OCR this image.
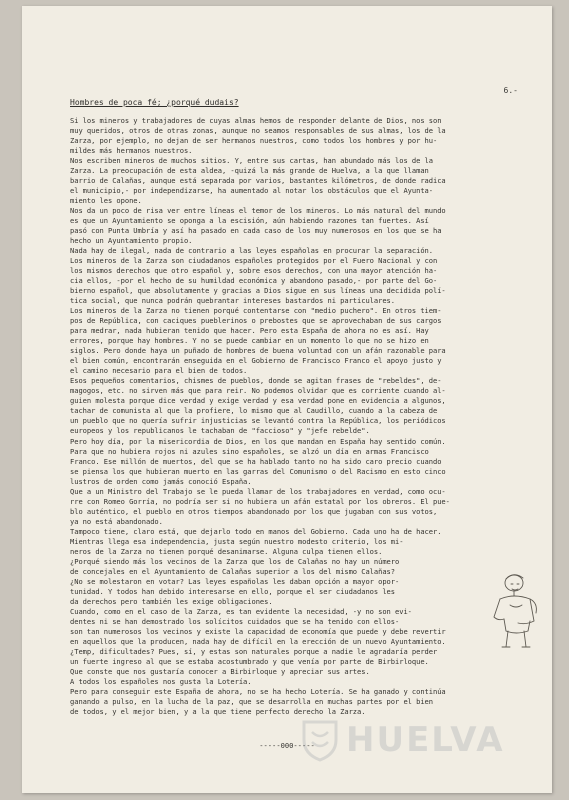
6.-
Hombres de poca fé; ¿porqué dudais?
Si los mineros y trabajadores de cuyas almas hemos de responder delante de Dios, nos son
muy queridos, otros de otras zonas, aunque no seamos responsables de sus almas, los de la
Zarza, por ejemplo, no dejan de ser hermanos nuestros, como todos los hombres y por hu-
mildes más hermanos nuestros.
Nos escriben mineros de muchos sitios. Y, entre sus cartas, han abundado más los de la
Zarza. La preocupación de esta aldea, -quizá la más grande de Huelva, a la que llaman
barrio de Calañas, aunque está separada por varios, bastantes kilómetros, de donde radica
el municipio,- por independizarse, ha aumentado al notar los obstáculos que el Ayunta-
miento les opone.
Nos da un poco de risa ver entre líneas el temor de los mineros. Lo más natural del mundo
es que un Ayuntamiento se oponga a la escisión, aún habiendo razones tan fuertes. Así
pasó con Punta Umbría y así ha pasado en cada caso de los muy numerosos en los que se ha
hecho un Ayuntamiento propio.
Nada hay de ilegal, nada de contrario a las leyes españolas en procurar la separación.
Los mineros de la Zarza son ciudadanos españoles protegidos por el Fuero Nacional y con
los mismos derechos que otro español y, sobre esos derechos, con una mayor atención ha-
cia ellos, -por el hecho de su humildad económica y abandono pasado,- por parte del Go-
bierno español, que absolutamente y gracias a Dios sigue en sus líneas una decidida polí-
tica social, que nunca podrán quebrantar intereses bastardos ni particulares.
Los mineros de la Zarza no tienen porqué contentarse con "medio puchero". En otros tiem-
pos de República, con caciques pueblerinos o prebostes que se aprovechaban de sus cargos
para medrar, nada hubieran tenido que hacer. Pero esta España de ahora no es así. Hay
errores, porque hay hombres. Y no se puede cambiar en un momento lo que no se hizo en
siglos. Pero donde haya un puñado de hombres de buena voluntad con un afán razonable para
el bien común, encontrarán enseguida en el Gobierno de Francisco Franco el apoyo justo y
el camino necesario para el bien de todos.
Esos pequeños comentarios, chismes de pueblos, donde se agitan frases de "rebeldes", de-
magogos, etc. no sirven más que para reir. No podemos olvidar que es corriente cuando al-
guien molesta porque dice verdad y exige verdad y esa verdad pone en evidencia a algunos,
tachar de comunista al que la profiere, lo mismo que al Caudillo, cuando a la cabeza de
un pueblo que no quería sufrir injusticias se levantó contra la República, los periódicos
europeos y los republicanos le tachaban de "faccioso" y "jefe rebelde".
Pero hoy día, por la misericordia de Dios, en los que mandan en España hay sentido común.
Para que no hubiera rojos ni azules sino españoles, se alzó un día en armas Francisco
Franco. Ese millón de muertos, del que se ha hablado tanto no ha sido caro precio cuando
se piensa los que hubieran muerto en las garras del Comunismo o del Racismo en esto cinco
lustros de orden como jamás conoció España.
Que a un Ministro del Trabajo se le pueda llamar de los trabajadores en verdad, como ocu-
rre con Romeo Gorría, no podría ser si no hubiera un afán estatal por los obreros. El pue-
blo auténtico, el pueblo en otros tiempos abandonado por los que jugaban con sus votos,
ya no está abandonado.
Tampoco tiene, claro está, que dejarlo todo en manos del Gobierno. Cada uno ha de hacer.
Mientras llega esa independencia, justa según nuestro modesto criterio, los mi-
neros de la Zarza no tienen porqué desanimarse. Alguna culpa tienen ellos.
¿Porqué siendo más los vecinos de la Zarza que los de Calañas no hay un número
de concejales en el Ayuntamiento de Calañas superior a los del mismo Calañas?
¿No se molestaron en votar? Las leyes españolas les daban opción a mayor opor-
tunidad. Y todos han debido interesarse en ello, porque el ser ciudadanos les
da derechos pero también les exige obligaciones.
Cuando, como en el caso de la Zarza, es tan evidente la necesidad, -y no son evi-
dentes ni se han demostrado los solícitos cuidados que se ha tenido con ellos-
son tan numerosos los vecinos y existe la capacidad de economía que puede y debe revertir
en aquellos que la producen, nada hay de difícil en la erección de un nuevo Ayuntamiento.
¿Temp, dificultades? Pues, sí, y estas son naturales porque a nadie le agradaría perder
un fuerte ingreso al que se estaba acostumbrado y que venía por parte de Birbirloque.
Que conste que nos gustaría conocer a Birbirloque y apreciar sus artes.
A todos los españoles nos gusta la Lotería.
Pero para conseguir este España de ahora, no se ha hecho Lotería. Se ha ganado y continúa
ganando a pulso, en la lucha de la paz, que se desarrolla en muchas partes por el bien
de todos, y el mejor bien, y a la que tiene perfecto derecho la Zarza.
-----000----- HUELVA
